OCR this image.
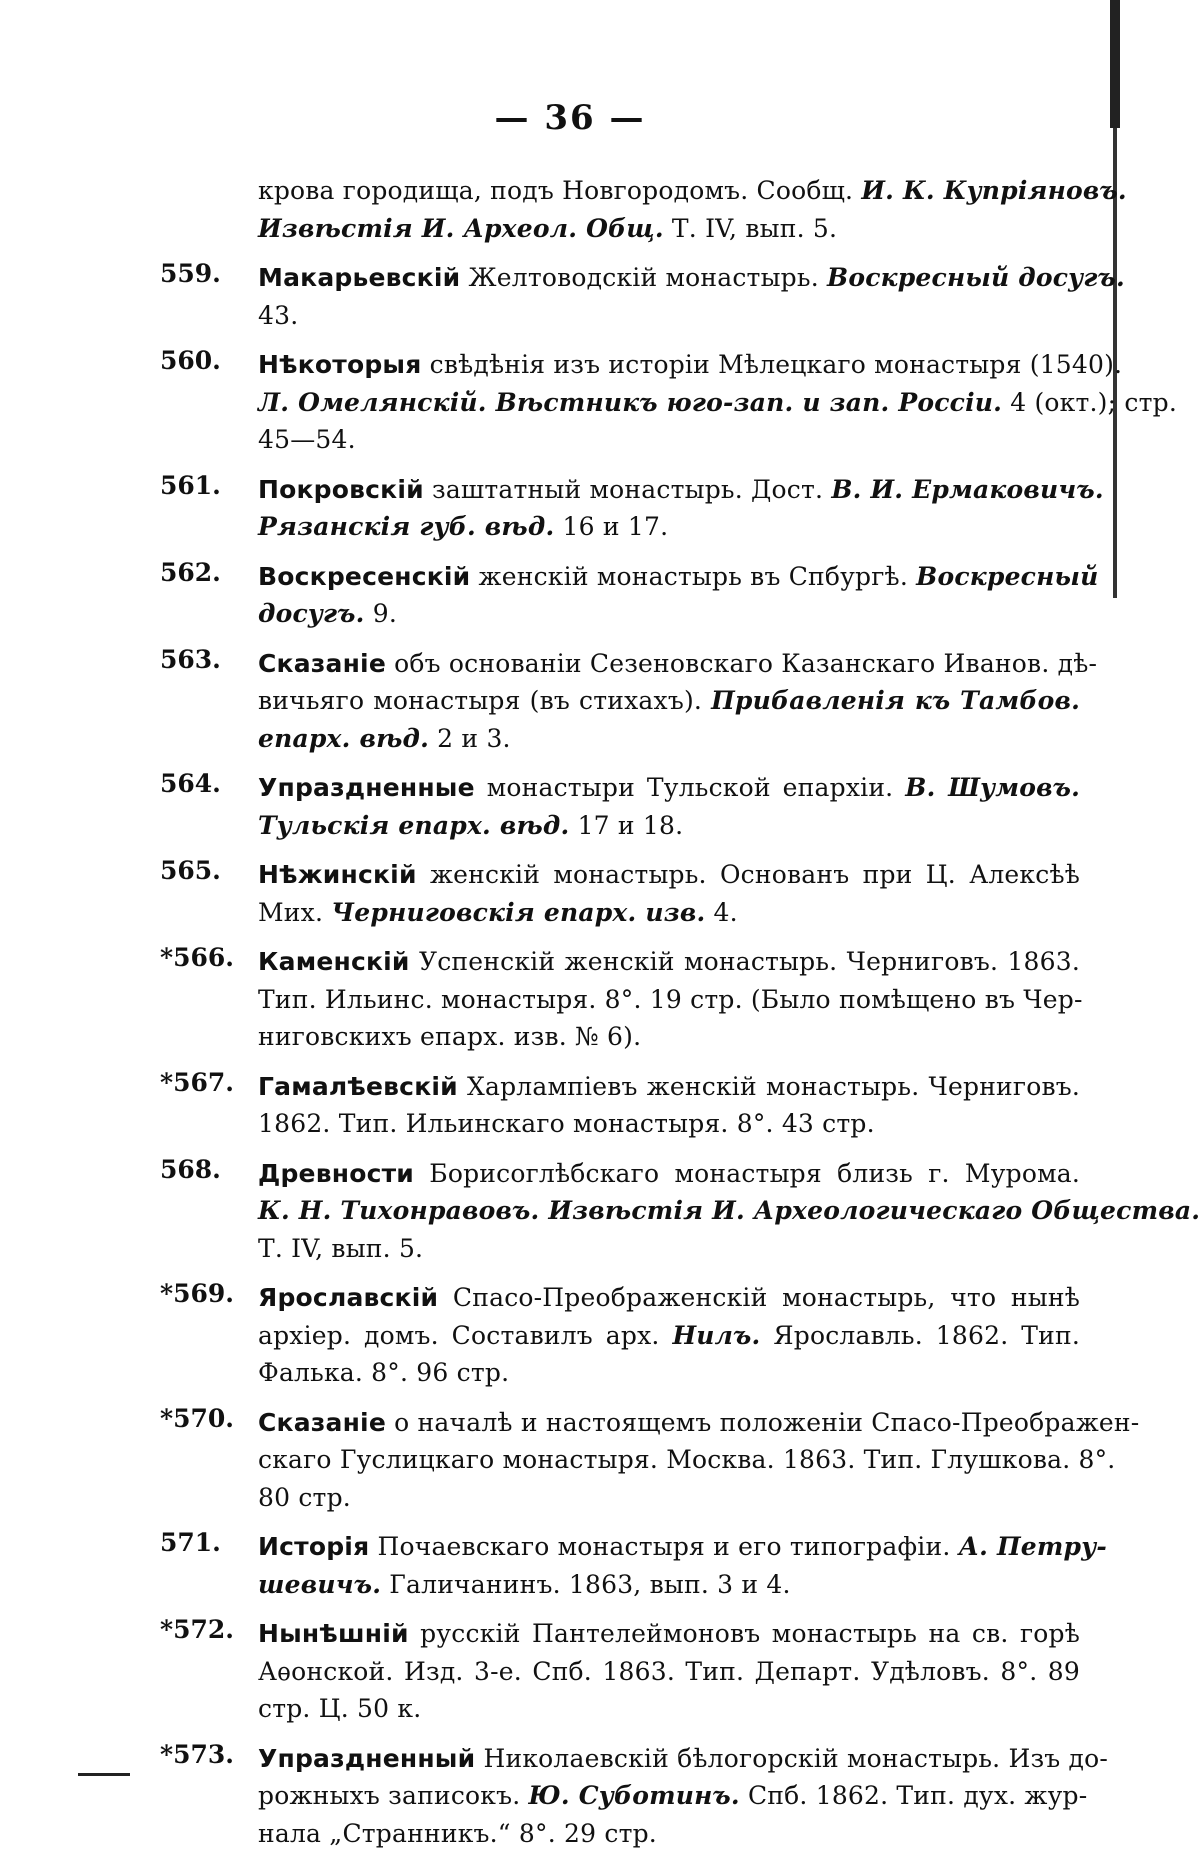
— 36 —
крова городища, подъ Новгородомъ. Сообщ. И. К. Купріяновъ.
Извѣстія И. Археол. Общ. Т. IV, вып. 5.
559.	Макарьевскій Желтоводскій монастырь. Воскресный досугъ.
43.
560.	Нѣкоторыя свѣдѣнія изъ исторіи Мѣлецкаго монастыря (1540).
Л. Омелянскій. Вѣстникъ юго-зап. и зап. Россіи. 4 (окт.); стр.
45—54.
561.	Покровскій заштатный монастырь. Дост. В. И. Ермаковичъ.
Рязанскія губ. вѣд. 16 и 17.
562.	Воскресенскій женскій монастырь въ Спбургѣ. Воскресный
досугъ. 9.
563.	Сказаніе объ основаніи Сезеновскаго Казанскаго Иванов. дѣ-
вичьяго монастыря (въ стихахъ). Прибавленія къ Тамбов.
епарх. вѣд. 2 и 3.
564.	Упраздненные монастыри Тульской епархіи. В. Шумовъ.
Тульскія епарх. вѣд. 17 и 18.
565.	Нѣжинскій женскій монастырь. Основанъ при Ц. Алексѣѣ
Мих. Черниговскія епарх. изв. 4.
*566. Каменскій Успенскій женскій монастырь. Черниговъ. 1863.
Тип. Ильинс. монастыря. 8°. 19 стр. (Было помѣщено въ Чер-
ниговскихъ епарх. изв. № 6).
*567. Гамалѣевскій Харлампіевъ женскій монастырь. Черниговъ.
1862. Тип. Ильинскаго монастыря. 8°. 43 стр.
568.	Древности Борисоглѣбскаго монастыря близь г. Мурома.
К. Н. Тихонравовъ. Извѣстія И. Археологическаго Общества.
Т. IV, вып. 5.
*569. Ярославскій Спасо-Преображенскій монастырь, что нынѣ
архіер. домъ. Составилъ арх. Нилъ. Ярославль. 1862. Тип.
Фалька. 8°. 96 стр.
*570. Сказаніе о началѣ и настоящемъ положеніи Спасо-Преображен-
скаго Гуслицкаго монастыря. Москва. 1863. Тип. Глушкова. 8°.
80 стр.
571.	Исторія Почаевскаго монастыря и его типографіи. А. Петру-
шевичъ. Галичанинъ. 1863, вып. 3 и 4.
*572. Нынѣшній русскій Пантелеймоновъ монастырь на св. горѣ
Аѳонской. Изд. 3-е. Спб. 1863. Тип. Департ. Удѣловъ. 8°. 89
стр. Ц. 50 к.
*573. Упраздненный Николаевскій бѣлогорскій монастырь. Изъ до-
рожныхъ записокъ. Ю. Суботинъ. Спб. 1862. Тип. дух. жур-
нала „Странникъ.“ 8°. 29 стр.
